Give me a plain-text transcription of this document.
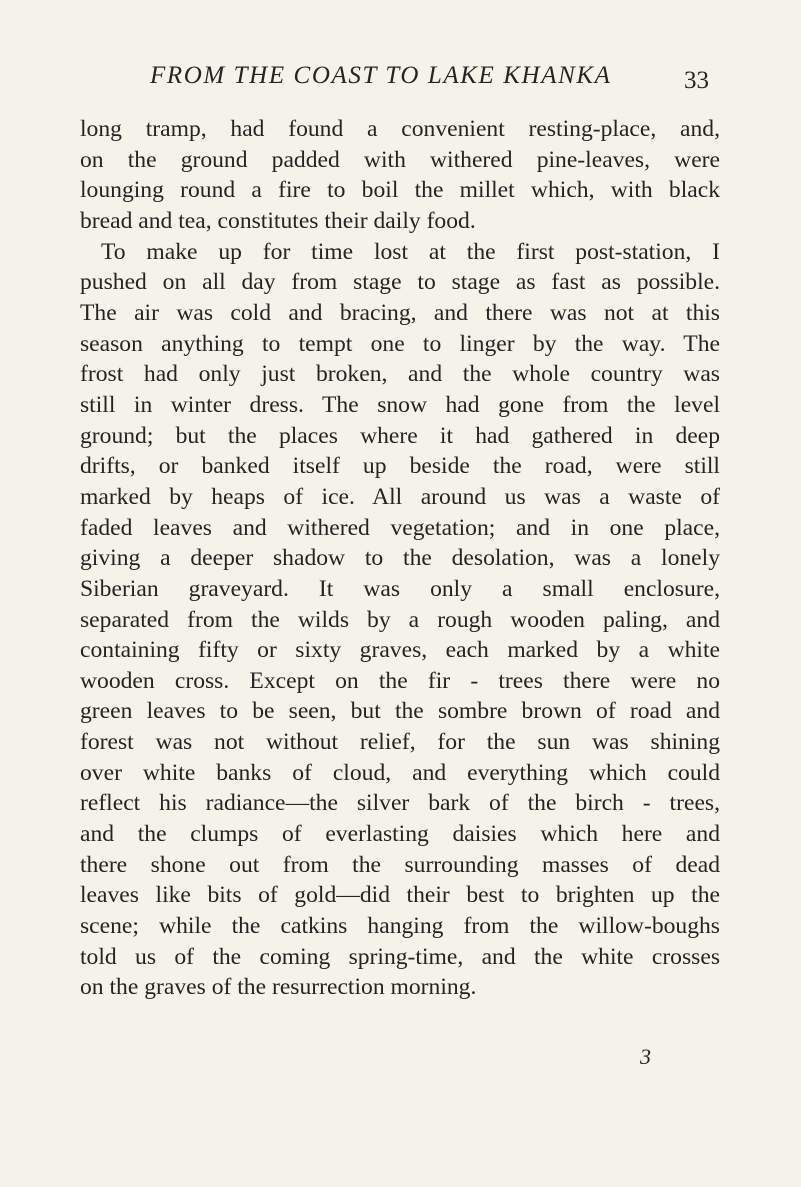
FROM THE COAST TO LAKE KHANKA	33
long tramp, had found a convenient resting-place, and,
on the ground padded with withered pine-leaves, were
lounging round a fire to boil the millet which, with black
bread and tea, constitutes their daily food.
To make up for time lost at the first post-station, I
pushed on all day from stage to stage as fast as possible.
The air was cold and bracing, and there was not at this
season anything to tempt one to linger by the way. The
frost had only just broken, and the whole country was
still in winter dress. The snow had gone from the level
ground; but the places where it had gathered in deep
drifts, or banked itself up beside the road, were still
marked by heaps of ice. All around us was a waste of
faded leaves and withered vegetation; and in one place,
giving a deeper shadow to the desolation, was a lonely
Siberian graveyard. It was only a small enclosure,
separated from the wilds by a rough wooden paling, and
containing fifty or sixty graves, each marked by a white
wooden cross. Except on the fir - trees there were no
green leaves to be seen, but the sombre brown of road and
forest was not without relief, for the sun was shining
over white banks of cloud, and everything which could
reflect his radiance—the silver bark of the birch - trees,
and the clumps of everlasting daisies which here and
there shone out from the surrounding masses of dead
leaves like bits of gold—did their best to brighten up the
scene; while the catkins hanging from the willow-boughs
told us of the coming spring-time, and the white crosses
on the graves of the resurrection morning.
3
